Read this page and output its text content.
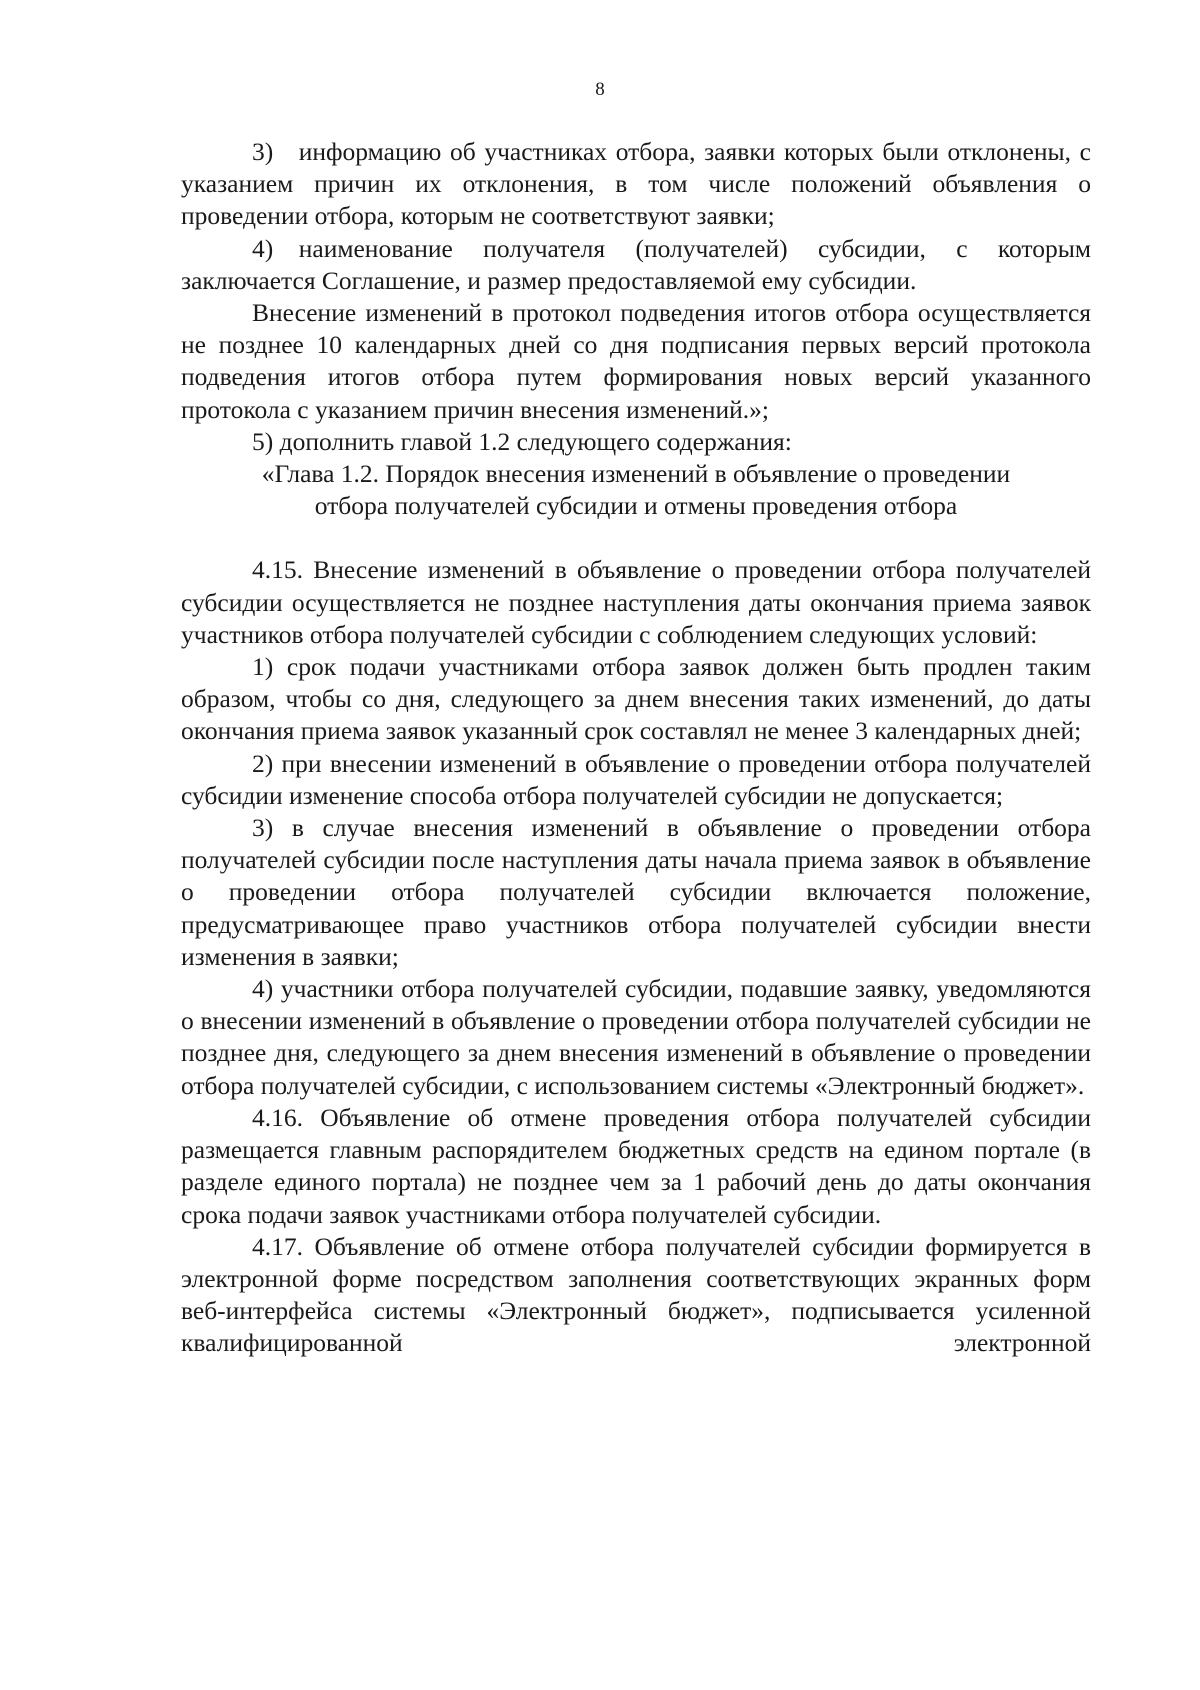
8

3) информацию об участниках отбора, заявки которых были отклонены, с указанием причин их отклонения, в том числе положений объявления о проведении отбора, которым не соответствуют заявки;

4) наименование получателя (получателей) субсидии, с которым заключается Соглашение, и размер предоставляемой ему субсидии.

Внесение изменений в протокол подведения итогов отбора осуществляется не позднее 10 календарных дней со дня подписания первых версий протокола подведения итогов отбора путем формирования новых версий указанного протокола с указанием причин внесения изменений.»;

5) дополнить главой 1.2 следующего содержания:

«Глава 1.2. Порядок внесения изменений в объявление о проведении

отбора получателей субсидии и отмены проведения отбора

4.15. Внесение изменений в объявление о проведении отбора получателей субсидии осуществляется не позднее наступления даты окончания приема заявок участников отбора получателей субсидии с соблюдением следующих условий:

1) срок подачи участниками отбора заявок должен быть продлен таким образом, чтобы со дня, следующего за днем внесения таких изменений, до даты окончания приема заявок указанный срок составлял не менее 3 календарных дней;

2) при внесении изменений в объявление о проведении отбора получателей субсидии изменение способа отбора получателей субсидии не допускается;

3) в случае внесения изменений в объявление о проведении отбора получателей субсидии после наступления даты начала приема заявок в объявление о проведении отбора получателей субсидии включается положение, предусматривающее право участников отбора получателей субсидии внести изменения в заявки;

4) участники отбора получателей субсидии, подавшие заявку, уведомляются о внесении изменений в объявление о проведении отбора получателей субсидии не позднее дня, следующего за днем внесения изменений в объявление о проведении отбора получателей субсидии, с использованием системы «Электронный бюджет».

4.16. Объявление об отмене проведения отбора получателей субсидии размещается главным распорядителем бюджетных средств на едином портале (в разделе единого портала) не позднее чем за 1 рабочий день до даты окончания срока подачи заявок участниками отбора получателей субсидии.

4.17. Объявление об отмене отбора получателей субсидии формируется в электронной форме посредством заполнения соответствующих экранных форм веб-интерфейса системы «Электронный бюджет», подписывается усиленной квалифицированной электронной
